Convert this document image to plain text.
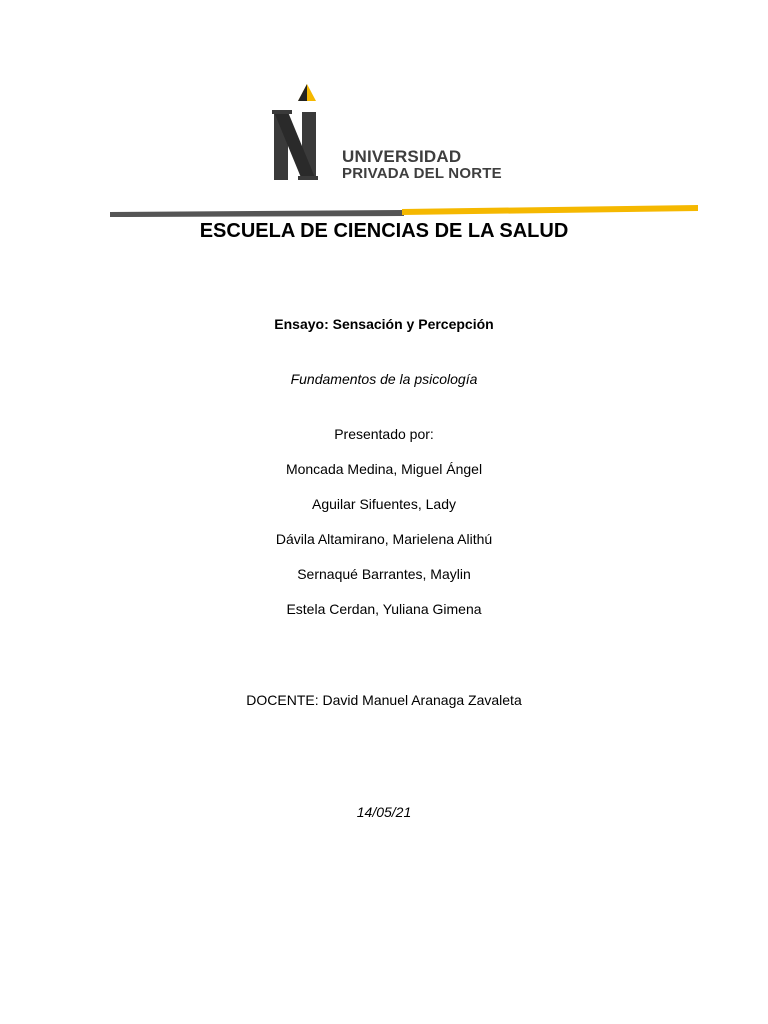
UNIVERSIDAD
PRIVADA DEL NORTE
ESCUELA DE CIENCIAS DE LA SALUD
Ensayo: Sensación y Percepción
Fundamentos de la psicología
Presentado por:
Moncada Medina, Miguel Ángel
Aguilar Sifuentes, Lady
Dávila Altamirano, Marielena Alithú
Sernaqué Barrantes, Maylin
Estela Cerdan, Yuliana Gimena
DOCENTE: David Manuel Aranaga Zavaleta
14/05/21
